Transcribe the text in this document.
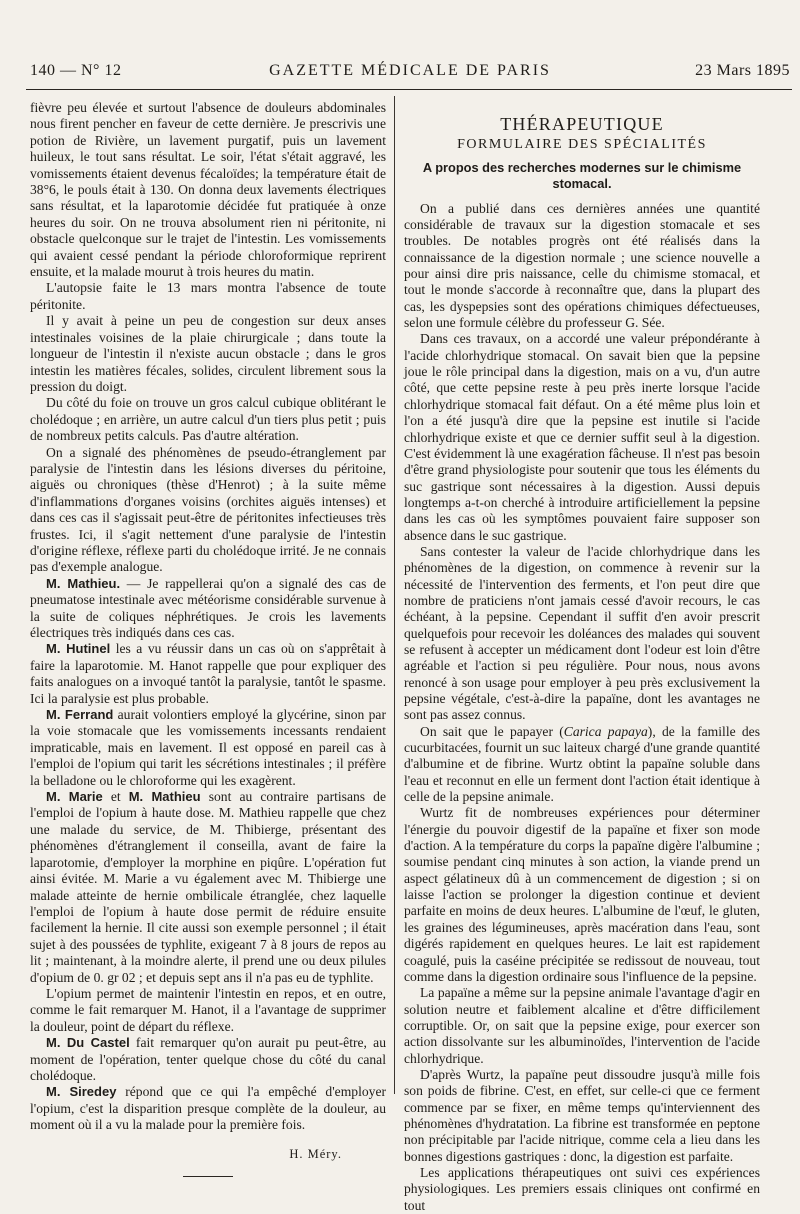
140 — N° 12	GAZETTE MÉDICALE DE PARIS	23 Mars 1895

fièvre peu élevée et surtout l'absence de douleurs abdominales nous firent pencher en faveur de cette dernière. Je prescrivis une potion de Rivière, un lavement purgatif, puis un lavement huileux, le tout sans résultat. Le soir, l'état s'était aggravé, les vomissements étaient devenus fécaloïdes; la température était de 38°6, le pouls était à 130. On donna deux lavements électriques sans résultat, et la laparotomie décidée fut pratiquée à onze heures du soir. On ne trouva absolument rien ni péritonite, ni obstacle quelconque sur le trajet de l'intestin. Les vomissements qui avaient cessé pendant la période chloroformique reprirent ensuite, et la malade mourut à trois heures du matin.

L'autopsie faite le 13 mars montra l'absence de toute péritonite.

Il y avait à peine un peu de congestion sur deux anses intestinales voisines de la plaie chirurgicale ; dans toute la longueur de l'intestin il n'existe aucun obstacle ; dans le gros intestin les matières fécales, solides, circulent librement sous la pression du doigt.

Du côté du foie on trouve un gros calcul cubique oblitérant le cholédoque ; en arrière, un autre calcul d'un tiers plus petit ; puis de nombreux petits calculs. Pas d'autre altération.

On a signalé des phénomènes de pseudo-étranglement par paralysie de l'intestin dans les lésions diverses du péritoine, aiguës ou chroniques (thèse d'Henrot) ; à la suite même d'inflammations d'organes voisins (orchites aiguës intenses) et dans ces cas il s'agissait peut-être de péritonites infectieuses très frustes. Ici, il s'agit nettement d'une paralysie de l'intestin d'origine réflexe, réflexe parti du cholédoque irrité. Je ne connais pas d'exemple analogue.

M. Mathieu. — Je rappellerai qu'on a signalé des cas de pneumatose intestinale avec météorisme considérable survenue à la suite de coliques néphrétiques. Je crois les lavements électriques très indiqués dans ces cas.

M. Hutinel les a vu réussir dans un cas où on s'apprêtait à faire la laparotomie. M. Hanot rappelle que pour expliquer des faits analogues on a invoqué tantôt la paralysie, tantôt le spasme. Ici la paralysie est plus probable.

M. Ferrand aurait volontiers employé la glycérine, sinon par la voie stomacale que les vomissements incessants rendaient impraticable, mais en lavement. Il est opposé en pareil cas à l'emploi de l'opium qui tarit les sécrétions intestinales ; il préfère la belladone ou le chloroforme qui les exagèrent.

M. Marie et M. Mathieu sont au contraire partisans de l'emploi de l'opium à haute dose. M. Mathieu rappelle que chez une malade du service, de M. Thibierge, présentant des phénomènes d'étranglement il conseilla, avant de faire la laparotomie, d'employer la morphine en piqûre. L'opération fut ainsi évitée. M. Marie a vu également avec M. Thibierge une malade atteinte de hernie ombilicale étranglée, chez laquelle l'emploi de l'opium à haute dose permit de réduire ensuite facilement la hernie. Il cite aussi son exemple personnel ; il était sujet à des poussées de typhlite, exigeant 7 à 8 jours de repos au lit ; maintenant, à la moindre alerte, il prend une ou deux pilules d'opium de 0. gr 02 ; et depuis sept ans il n'a pas eu de typhlite.

L'opium permet de maintenir l'intestin en repos, et en outre, comme le fait remarquer M. Hanot, il a l'avantage de supprimer la douleur, point de départ du réflexe.

M. Du Castel fait remarquer qu'on aurait pu peut-être, au moment de l'opération, tenter quelque chose du côté du canal cholédoque.

M. Siredey répond que ce qui l'a empêché d'employer l'opium, c'est la disparition presque complète de la douleur, au moment où il a vu la malade pour la première fois.

H. Méry.
THÉRAPEUTIQUE
FORMULAIRE DES SPÉCIALITÉS
A propos des recherches modernes sur le chimisme stomacal.

On a publié dans ces dernières années une quantité considérable de travaux sur la digestion stomacale et ses troubles. De notables progrès ont été réalisés dans la connaissance de la digestion normale ; une science nouvelle a pour ainsi dire pris naissance, celle du chimisme stomacal, et tout le monde s'accorde à reconnaître que, dans la plupart des cas, les dyspepsies sont des opérations chimiques défectueuses, selon une formule célèbre du professeur G. Sée.

Dans ces travaux, on a accordé une valeur prépondérante à l'acide chlorhydrique stomacal. On savait bien que la pepsine joue le rôle principal dans la digestion, mais on a vu, d'un autre côté, que cette pepsine reste à peu près inerte lorsque l'acide chlorhydrique stomacal fait défaut. On a été même plus loin et l'on a été jusqu'à dire que la pepsine est inutile si l'acide chlorhydrique existe et que ce dernier suffit seul à la digestion. C'est évidemment là une exagération fâcheuse. Il n'est pas besoin d'être grand physiologiste pour soutenir que tous les éléments du suc gastrique sont nécessaires à la digestion. Aussi depuis longtemps a-t-on cherché à introduire artificiellement la pepsine dans les cas où les symptômes pouvaient faire supposer son absence dans le suc gastrique.

Sans contester la valeur de l'acide chlorhydrique dans les phénomènes de la digestion, on commence à revenir sur la nécessité de l'intervention des ferments, et l'on peut dire que nombre de praticiens n'ont jamais cessé d'avoir recours, le cas échéant, à la pepsine. Cependant il suffit d'en avoir prescrit quelquefois pour recevoir les doléances des malades qui souvent se refusent à accepter un médicament dont l'odeur est loin d'être agréable et l'action si peu régulière. Pour nous, nous avons renoncé à son usage pour employer à peu près exclusivement la pepsine végétale, c'est-à-dire la papaïne, dont les avantages ne sont pas assez connus.

On sait que le papayer (Carica papaya), de la famille des cucurbitacées, fournit un suc laiteux chargé d'une grande quantité d'albumine et de fibrine. Wurtz obtint la papaïne soluble dans l'eau et reconnut en elle un ferment dont l'action était identique à celle de la pepsine animale.

Wurtz fit de nombreuses expériences pour déterminer l'énergie du pouvoir digestif de la papaïne et fixer son mode d'action. A la température du corps la papaïne digère l'albumine ; soumise pendant cinq minutes à son action, la viande prend un aspect gélatineux dû à un commencement de digestion ; si on laisse l'action se prolonger la digestion continue et devient parfaite en moins de deux heures. L'albumine de l'œuf, le gluten, les graines des légumineuses, après macération dans l'eau, sont digérés rapidement en quelques heures. Le lait est rapidement coagulé, puis la caséine précipitée se redissout de nouveau, tout comme dans la digestion ordinaire sous l'influence de la pepsine.

La papaïne a même sur la pepsine animale l'avantage d'agir en solution neutre et faiblement alcaline et d'être difficilement corruptible. Or, on sait que la pepsine exige, pour exercer son action dissolvante sur les albuminoïdes, l'intervention de l'acide chlorhydrique.

D'après Wurtz, la papaïne peut dissoudre jusqu'à mille fois son poids de fibrine. C'est, en effet, sur celle-ci que ce ferment commence par se fixer, en même temps qu'interviennent des phénomènes d'hydratation. La fibrine est transformée en peptone non précipitable par l'acide nitrique, comme cela a lieu dans les bonnes digestions gastriques : donc, la digestion est parfaite.

Les applications thérapeutiques ont suivi ces expériences physiologiques. Les premiers essais cliniques ont confirmé en tout
